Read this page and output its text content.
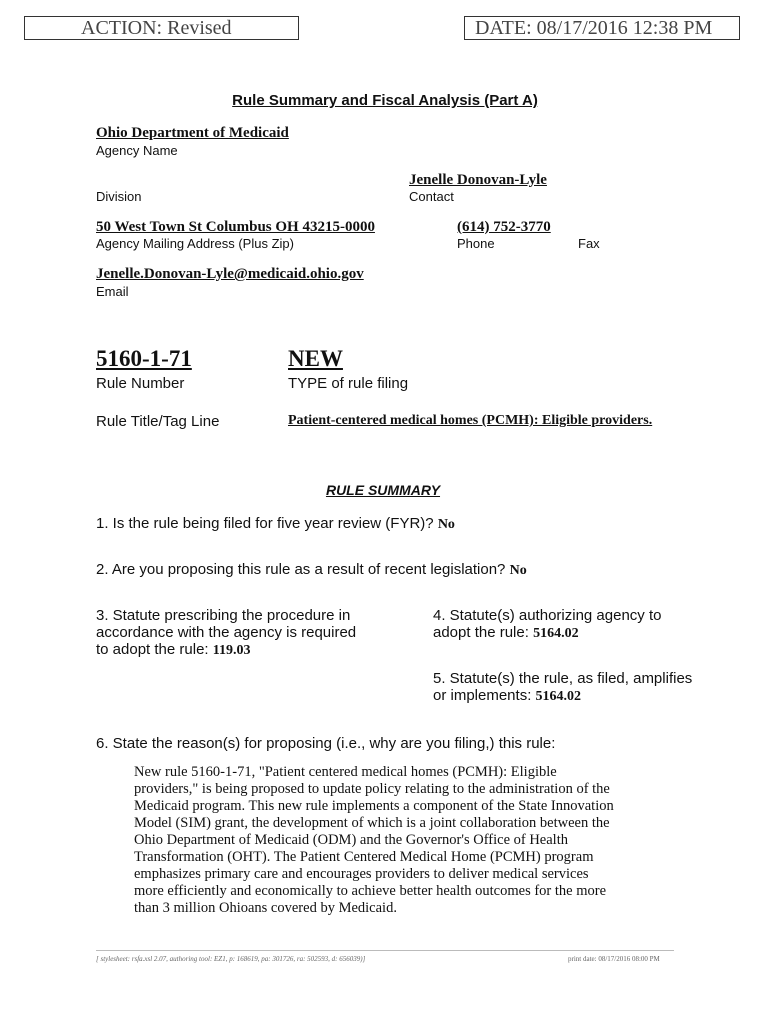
ACTION: Revised	DATE: 08/17/2016 12:38 PM
Rule Summary and Fiscal Analysis (Part A)
Ohio Department of Medicaid
Agency Name
Jenelle Donovan-Lyle
Division	Contact
50 West Town St Columbus OH 43215-0000	(614) 752-3770
Agency Mailing Address (Plus Zip)	Phone	Fax
Jenelle.Donovan-Lyle@medicaid.ohio.gov
Email
5160-1-71	NEW
Rule Number	TYPE of rule filing
Rule Title/Tag Line	Patient-centered medical homes (PCMH): Eligible providers.
RULE SUMMARY
1. Is the rule being filed for five year review (FYR)? No
2. Are you proposing this rule as a result of recent legislation? No
3. Statute prescribing the procedure in
accordance with the agency is required
to adopt the rule: 119.03
4. Statute(s) authorizing agency to
adopt the rule: 5164.02
5. Statute(s) the rule, as filed, amplifies
or implements: 5164.02
6. State the reason(s) for proposing (i.e., why are you filing,) this rule:
New rule 5160-1-71, "Patient centered medical homes (PCMH): Eligible
providers," is being proposed to update policy relating to the administration of the
Medicaid program. This new rule implements a component of the State Innovation
Model (SIM) grant, the development of which is a joint collaboration between the
Ohio Department of Medicaid (ODM) and the Governor's Office of Health
Transformation (OHT). The Patient Centered Medical Home (PCMH) program
emphasizes primary care and encourages providers to deliver medical services
more efficiently and economically to achieve better health outcomes for the more
than 3 million Ohioans covered by Medicaid.
[ stylesheet: rsfa.xsl 2.07, authoring tool: EZ1, p: 168619, pa: 301726, ra: 502593, d: 656039)]	print date: 08/17/2016 08:00 PM
